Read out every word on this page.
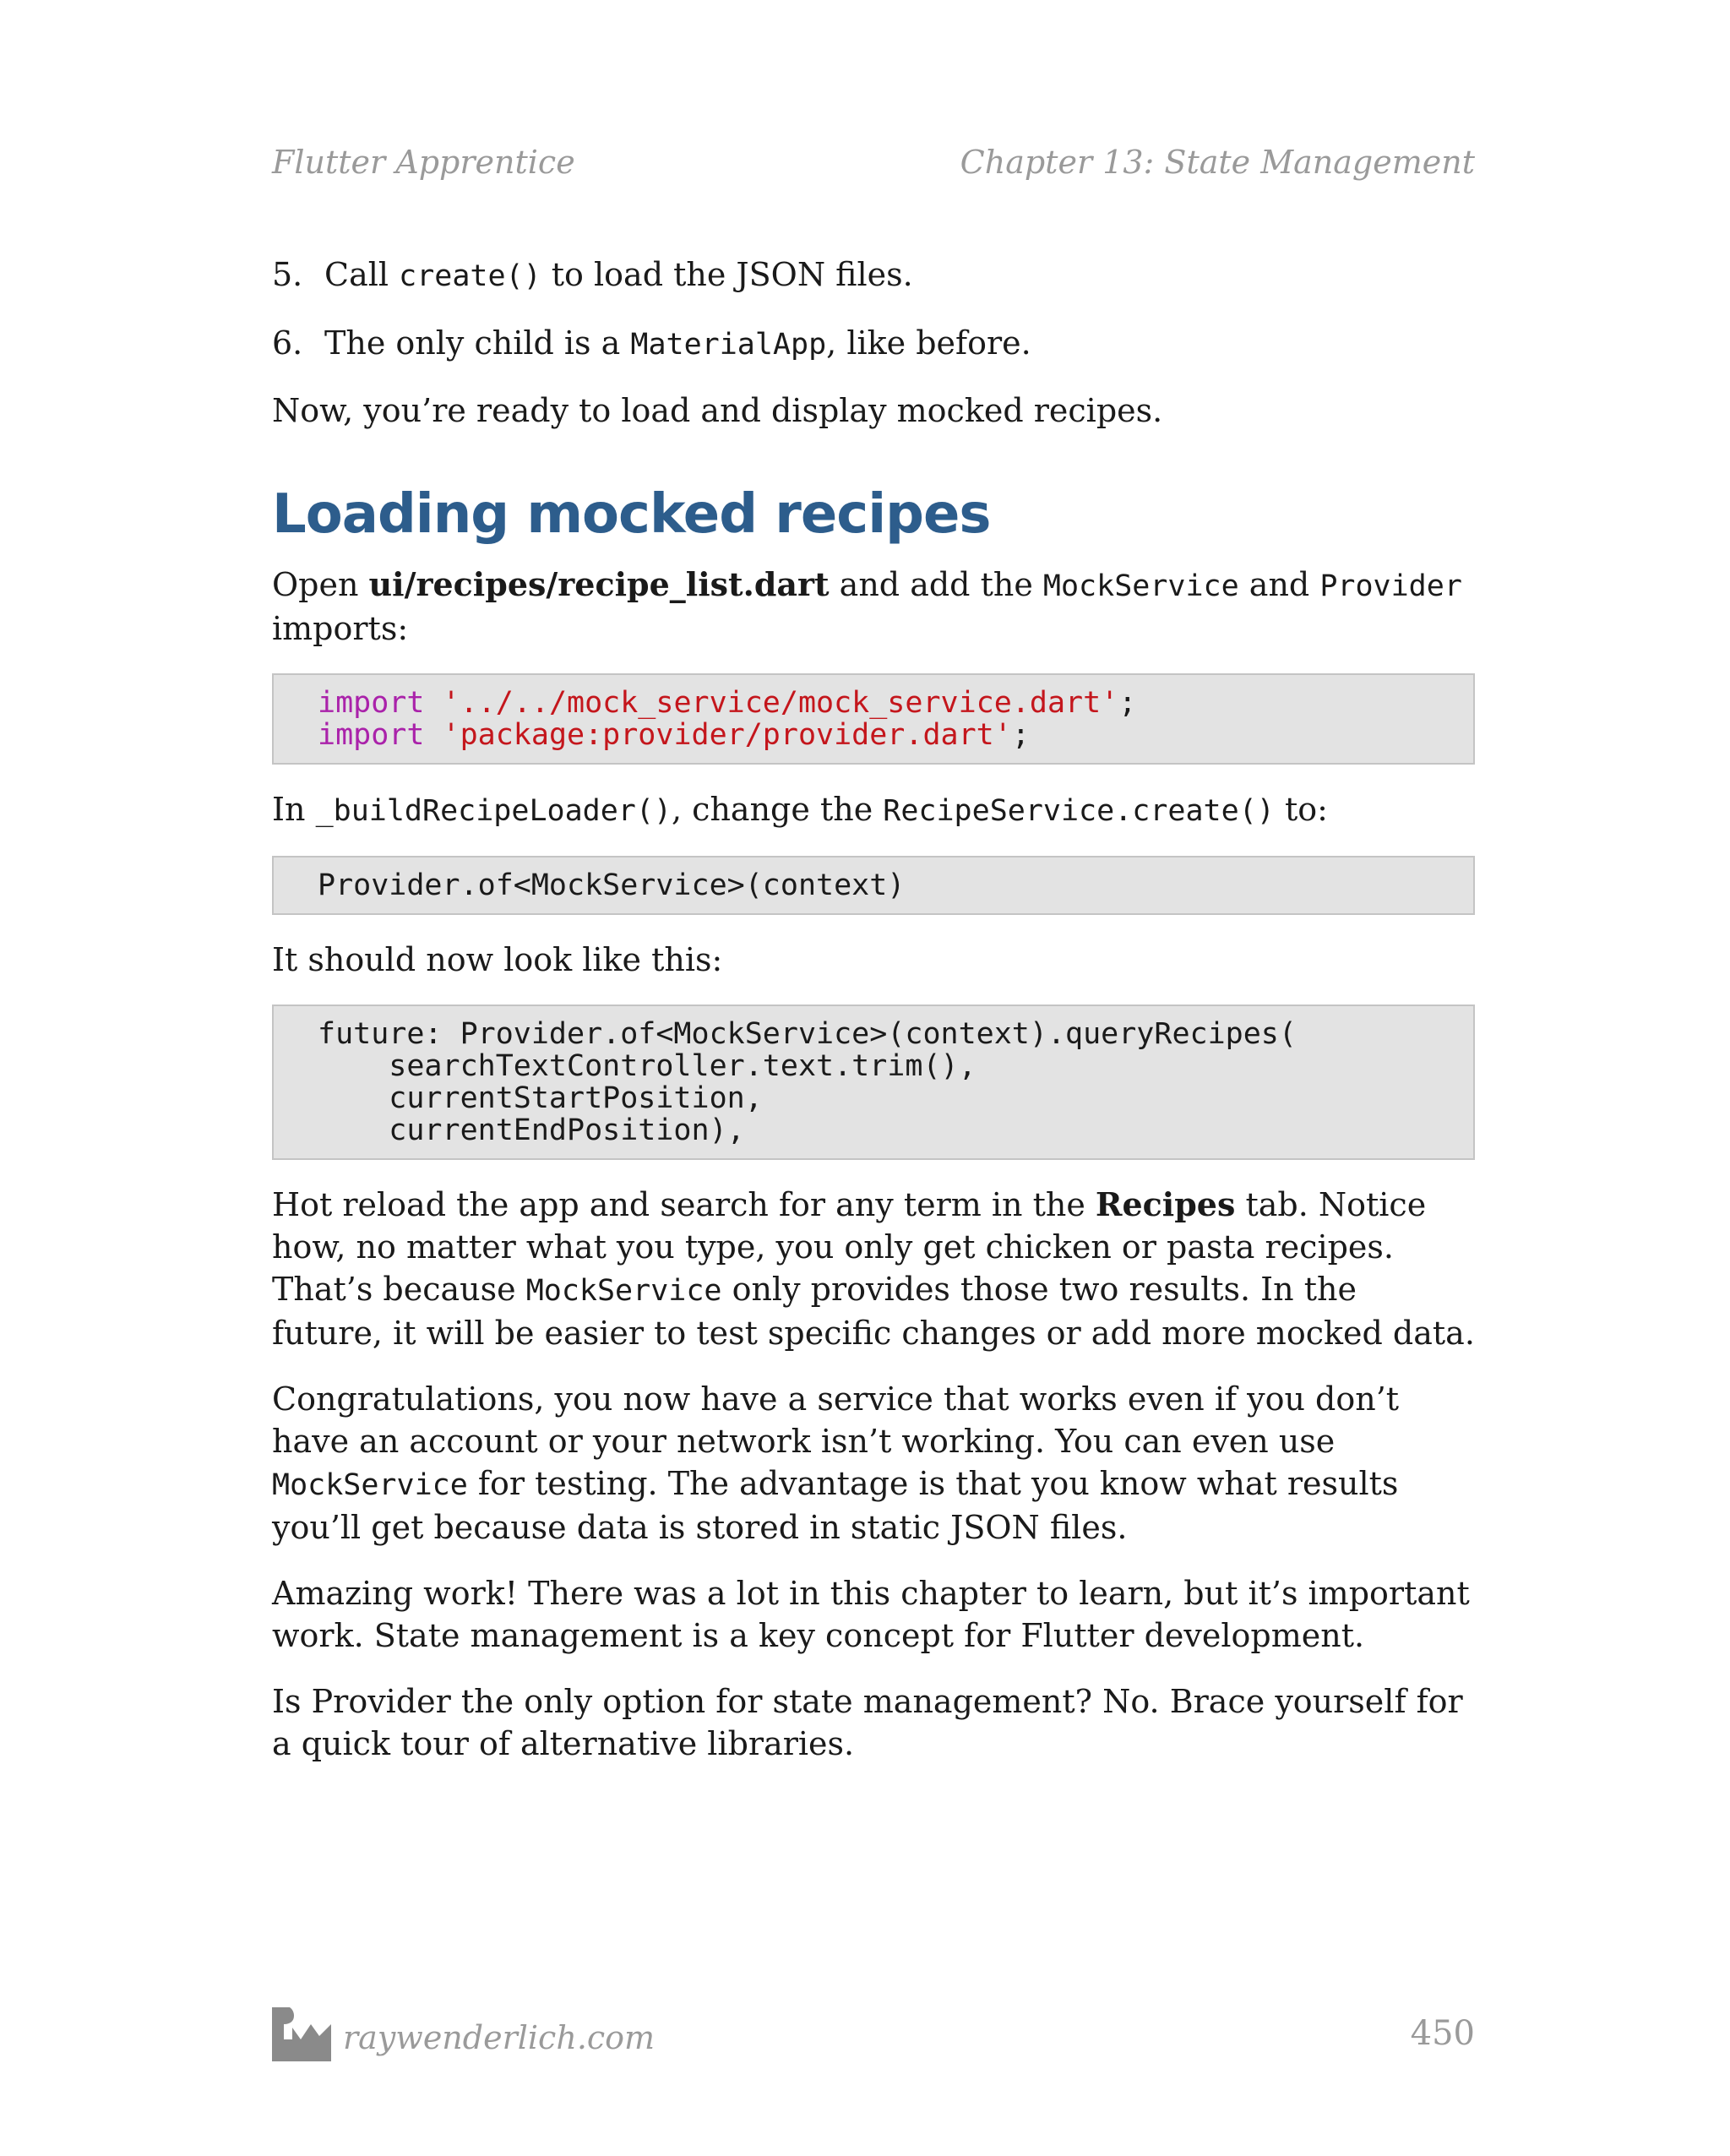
Flutter Apprentice	Chapter 13: State Management
5. Call create() to load the JSON files.
6. The only child is a MaterialApp, like before.

Now, you’re ready to load and display mocked recipes.

Loading mocked recipes

Open ui/recipes/recipe_list.dart and add the MockService and Provider imports:

import '../../mock_service/mock_service.dart';
import 'package:provider/provider.dart';

In _buildRecipeLoader(), change the RecipeService.create() to:

Provider.of<MockService>(context)

It should now look like this:

future: Provider.of<MockService>(context).queryRecipes(
searchTextController.text.trim(),
currentStartPosition,
currentEndPosition),

Hot reload the app and search for any term in the Recipes tab. Notice how, no matter what you type, you only get chicken or pasta recipes. That’s because MockService only provides those two results. In the future, it will be easier to test specific changes or add more mocked data.

Congratulations, you now have a service that works even if you don’t have an account or your network isn’t working. You can even use MockService for testing. The advantage is that you know what results you’ll get because data is stored in static JSON files.

Amazing work! There was a lot in this chapter to learn, but it’s important work. State management is a key concept for Flutter development.

Is Provider the only option for state management? No. Brace yourself for a quick tour of alternative libraries.

raywenderlich.com	450
